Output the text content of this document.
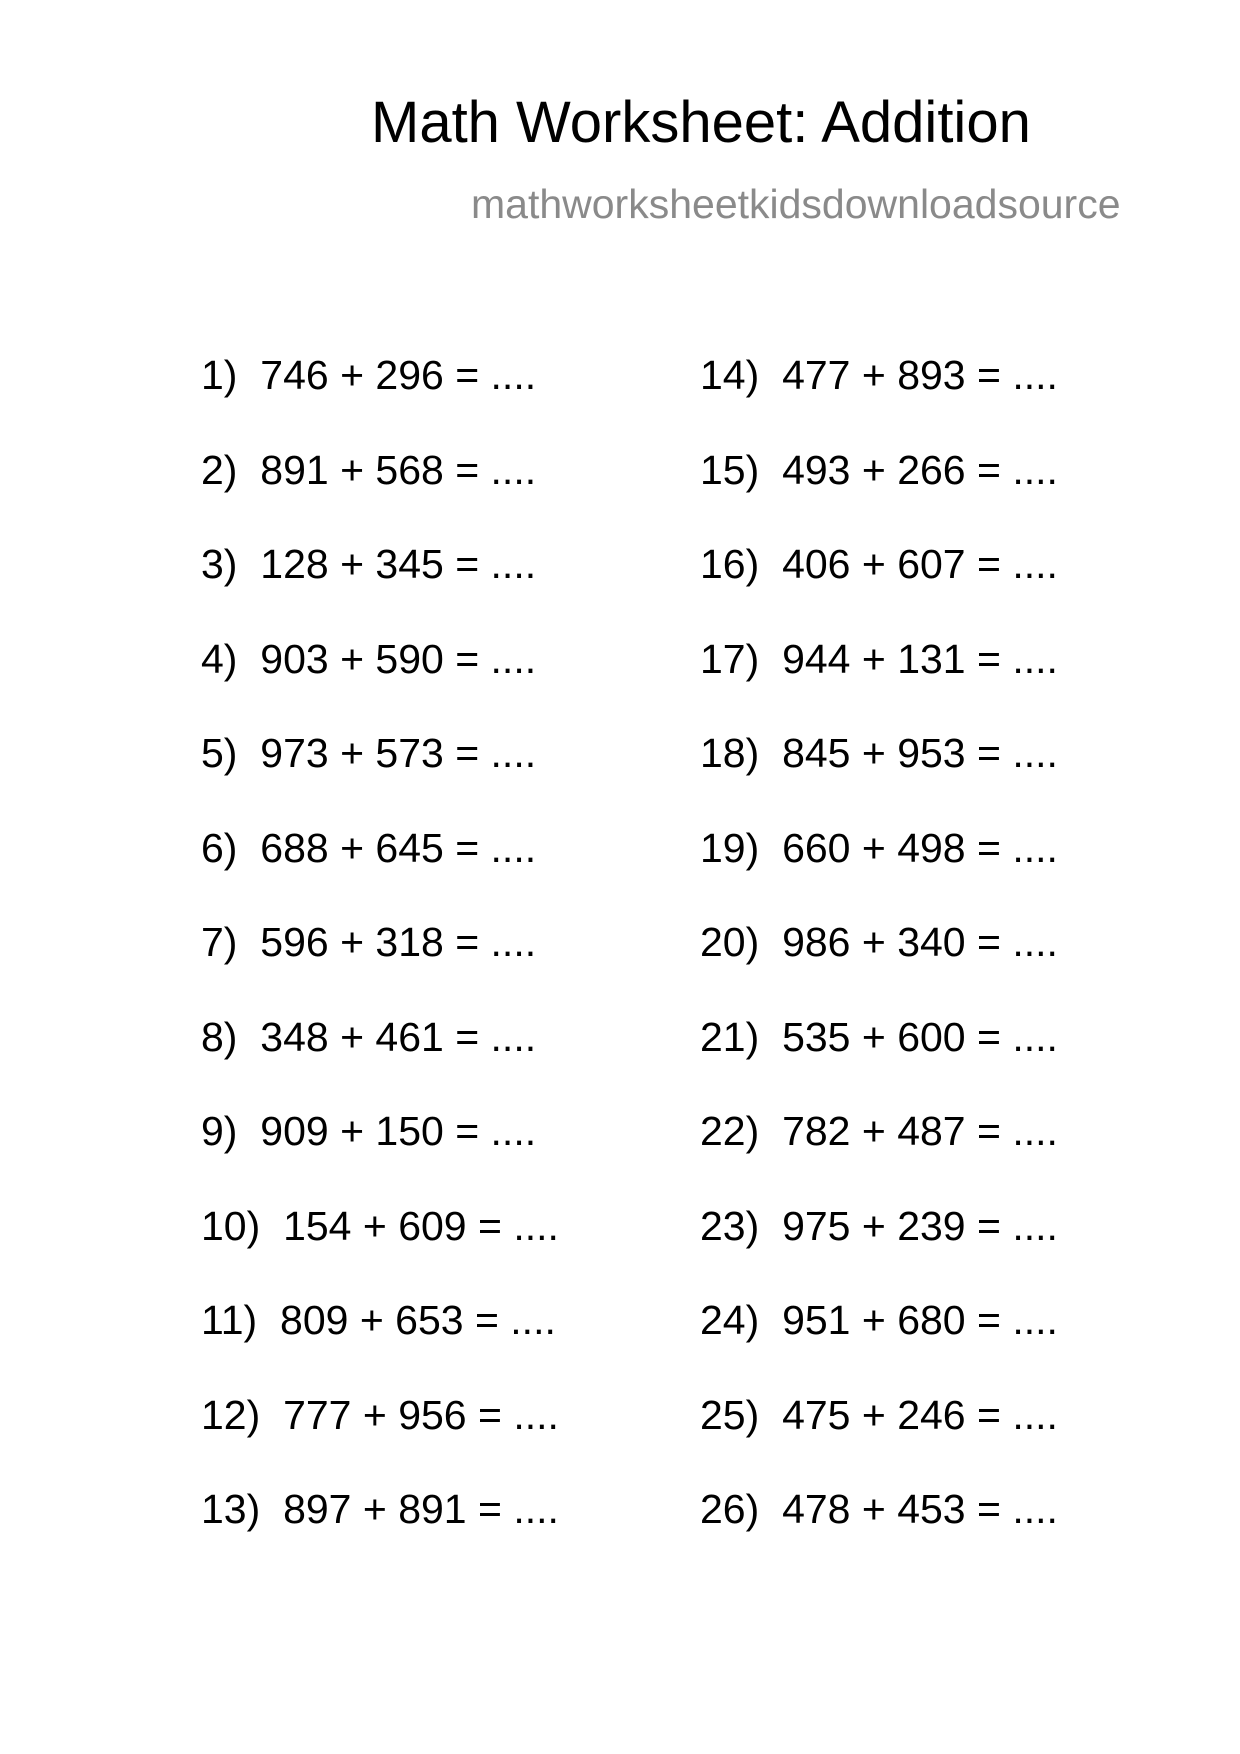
Math Worksheet: Addition
mathworksheetkidsdownloadsource
1) 746 + 296 = ....
2) 891 + 568 = ....
3) 128 + 345 = ....
4) 903 + 590 = ....
5) 973 + 573 = ....
6) 688 + 645 = ....
7) 596 + 318 = ....
8) 348 + 461 = ....
9) 909 + 150 = ....
10) 154 + 609 = ....
11) 809 + 653 = ....
12) 777 + 956 = ....
13) 897 + 891 = ....
14) 477 + 893 = ....
15) 493 + 266 = ....
16) 406 + 607 = ....
17) 944 + 131 = ....
18) 845 + 953 = ....
19) 660 + 498 = ....
20) 986 + 340 = ....
21) 535 + 600 = ....
22) 782 + 487 = ....
23) 975 + 239 = ....
24) 951 + 680 = ....
25) 475 + 246 = ....
26) 478 + 453 = ....
